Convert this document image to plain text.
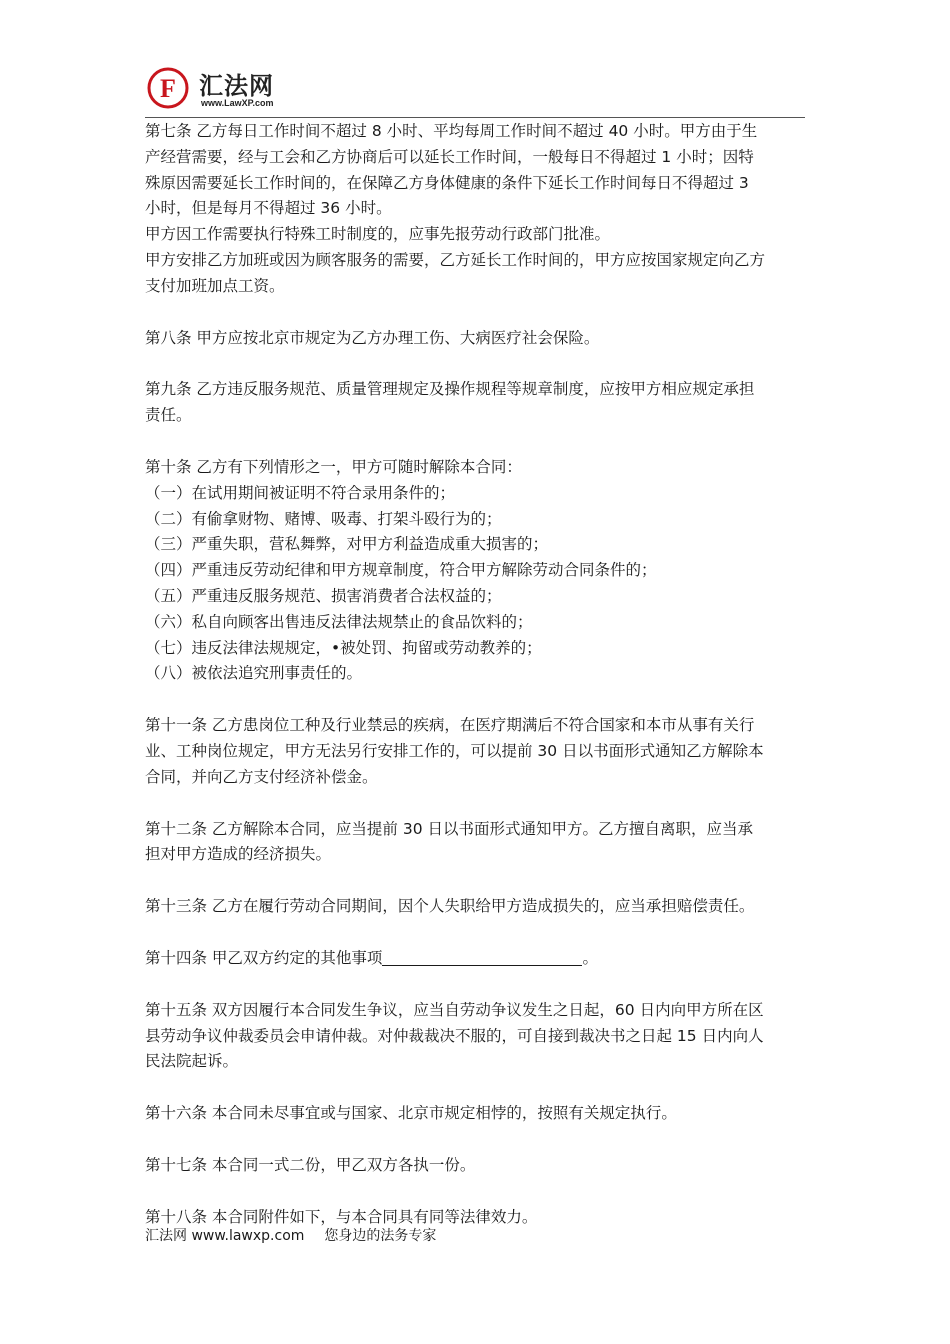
F 汇法网
www.LawXP.com

第七条 乙方每日工作时间不超过 8 小时、平均每周工作时间不超过 40 小时。甲方由于生
产经营需要，经与工会和乙方协商后可以延长工作时间，一般每日不得超过 1 小时；因特
殊原因需要延长工作时间的，在保障乙方身体健康的条件下延长工作时间每日不得超过 3
小时，但是每月不得超过 36 小时。
甲方因工作需要执行特殊工时制度的，应事先报劳动行政部门批准。
甲方安排乙方加班或因为顾客服务的需要，乙方延长工作时间的，甲方应按国家规定向乙方
支付加班加点工资。

第八条 甲方应按北京市规定为乙方办理工伤、大病医疗社会保险。

第九条 乙方违反服务规范、质量管理规定及操作规程等规章制度，应按甲方相应规定承担
责任。

第十条 乙方有下列情形之一，甲方可随时解除本合同：
（一）在试用期间被证明不符合录用条件的；
（二）有偷拿财物、赌博、吸毒、打架斗殴行为的；
（三）严重失职，营私舞弊，对甲方利益造成重大损害的；
（四）严重违反劳动纪律和甲方规章制度，符合甲方解除劳动合同条件的；
（五）严重违反服务规范、损害消费者合法权益的；
（六）私自向顾客出售违反法律法规禁止的食品饮料的；
（七）违反法律法规规定，•被处罚、拘留或劳动教养的；
（八）被依法追究刑事责任的。

第十一条 乙方患岗位工种及行业禁忌的疾病，在医疗期满后不符合国家和本市从事有关行
业、工种岗位规定，甲方无法另行安排工作的，可以提前 30 日以书面形式通知乙方解除本
合同，并向乙方支付经济补偿金。

第十二条 乙方解除本合同，应当提前 30 日以书面形式通知甲方。乙方擅自离职，应当承
担对甲方造成的经济损失。

第十三条 乙方在履行劳动合同期间，因个人失职给甲方造成损失的，应当承担赔偿责任。

第十四条 甲乙双方约定的其他事项	。

第十五条 双方因履行本合同发生争议，应当自劳动争议发生之日起，60 日内向甲方所在区
县劳动争议仲裁委员会申请仲裁。对仲裁裁决不服的，可自接到裁决书之日起 15 日内向人
民法院起诉。

第十六条 本合同未尽事宜或与国家、北京市规定相悖的，按照有关规定执行。

第十七条 本合同一式二份，甲乙双方各执一份。

第十八条 本合同附件如下，与本合同具有同等法律效力。

汇法网 www.lawxp.com 您身边的法务专家
